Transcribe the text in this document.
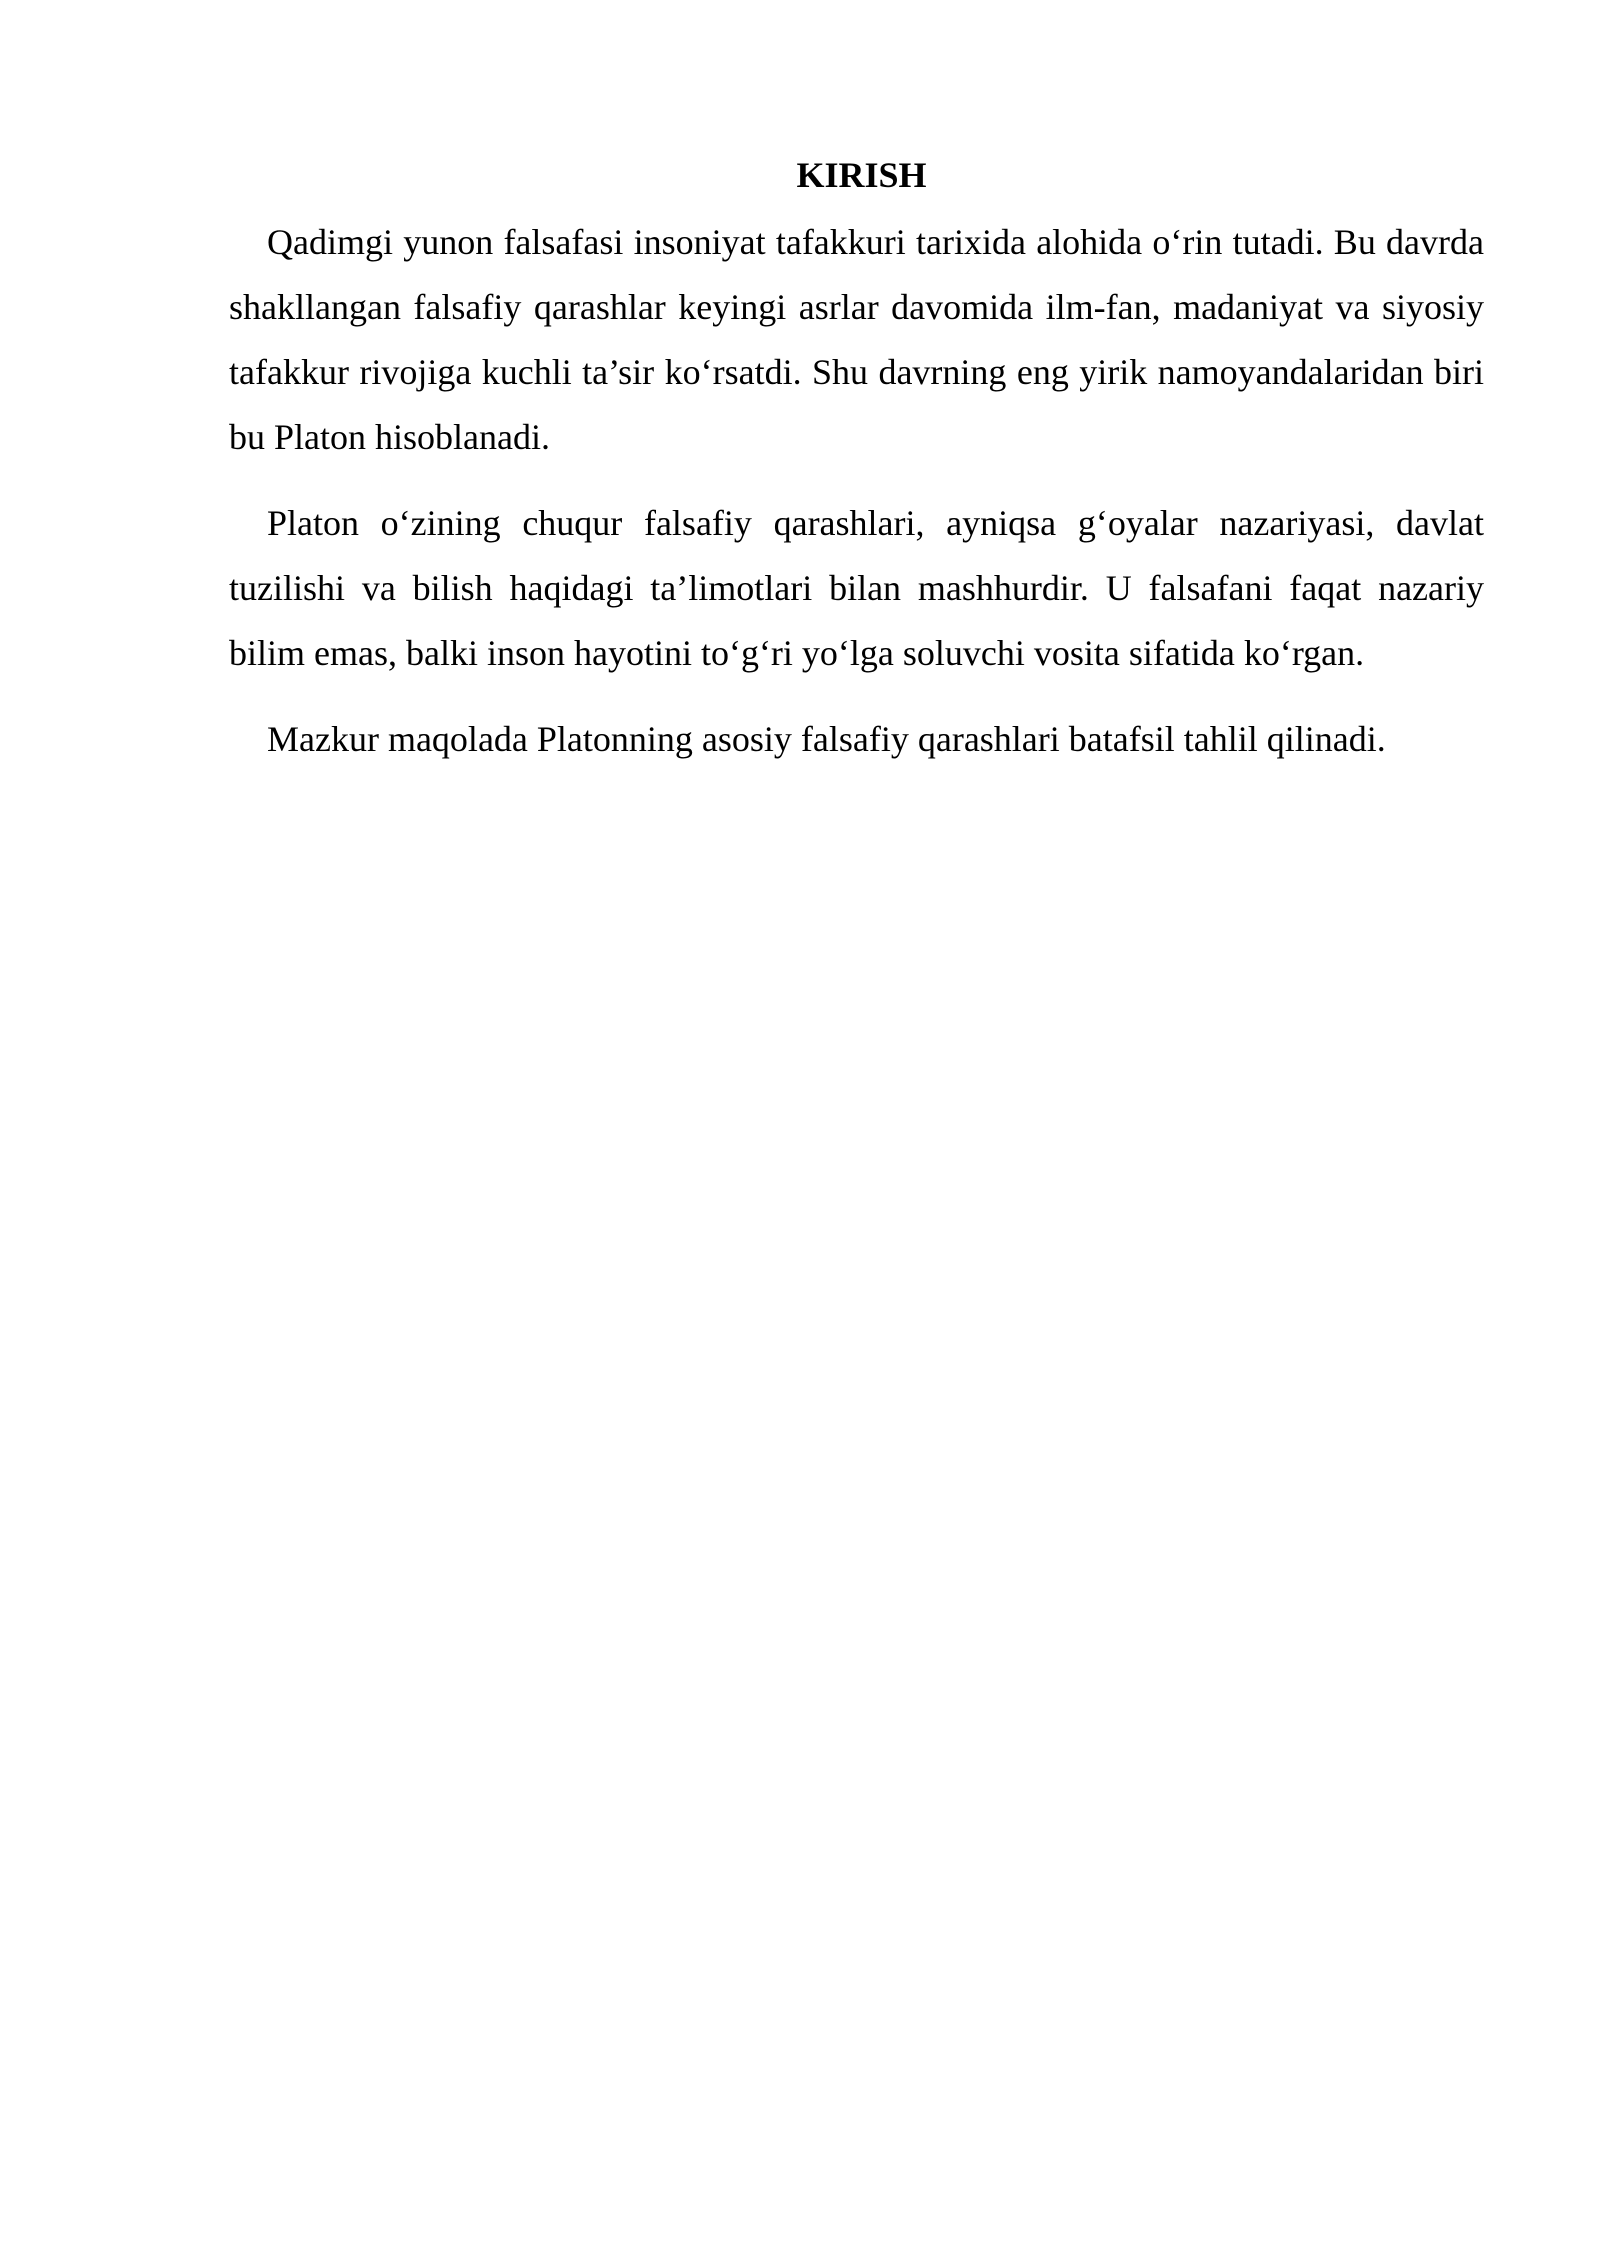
KIRISH

Qadimgi yunon falsafasi insoniyat tafakkuri tarixida alohida o‘rin tutadi. Bu davrda shakllangan falsafiy qarashlar keyingi asrlar davomida ilm-fan, madaniyat va siyosiy tafakkur rivojiga kuchli ta’sir ko‘rsatdi. Shu davrning eng yirik namoyandalaridan biri bu Platon hisoblanadi.

Platon o‘zining chuqur falsafiy qarashlari, ayniqsa g‘oyalar nazariyasi, davlat tuzilishi va bilish haqidagi ta’limotlari bilan mashhurdir. U falsafani faqat nazariy bilim emas, balki inson hayotini to‘g‘ri yo‘lga soluvchi vosita sifatida ko‘rgan.

Mazkur maqolada Platonning asosiy falsafiy qarashlari batafsil tahlil qilinadi.
